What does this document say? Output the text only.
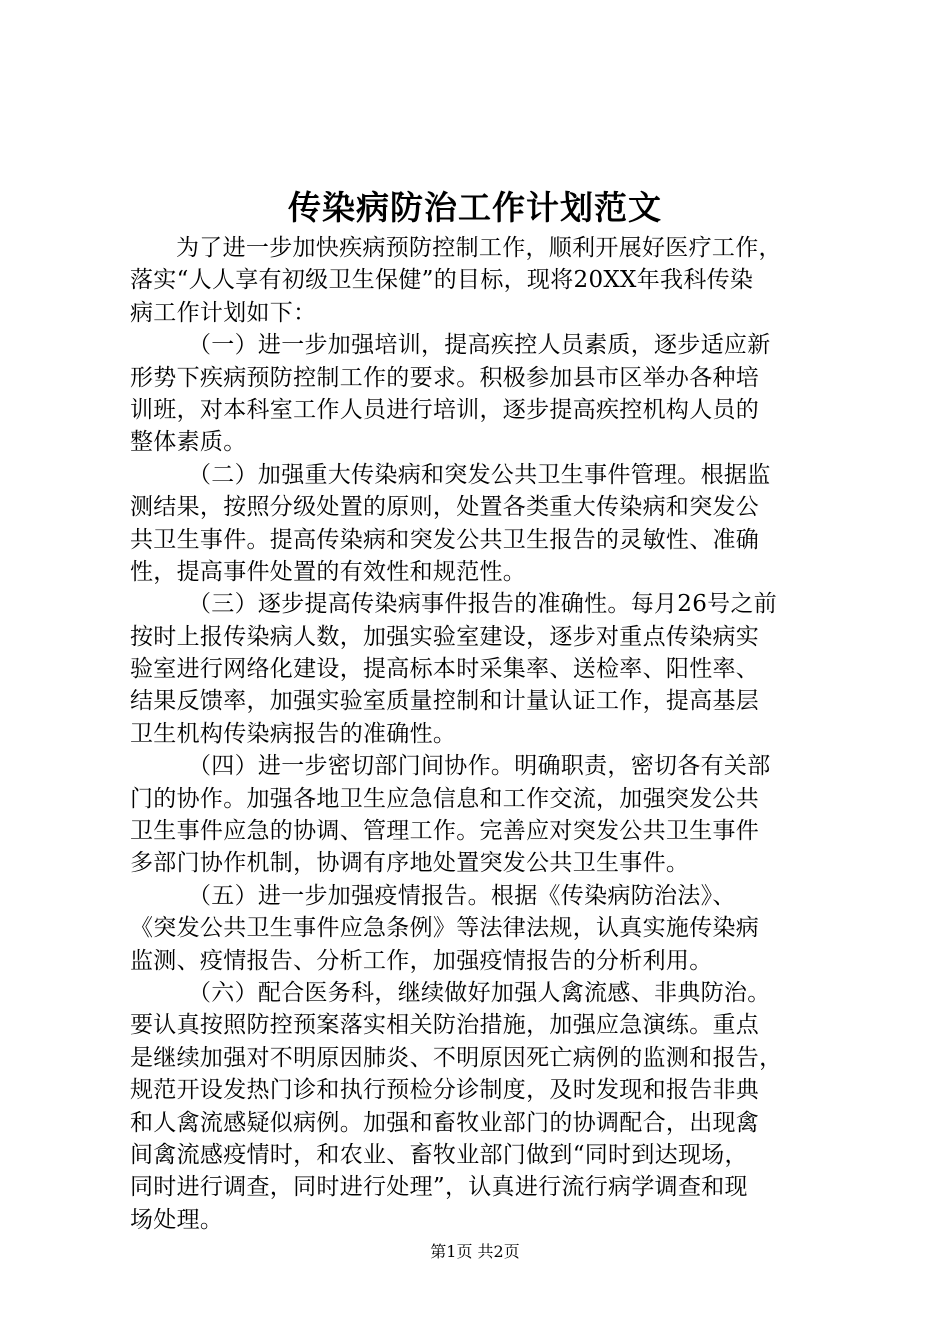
传染病防治工作计划范文
为了进一步加快疾病预防控制工作，顺利开展好医疗工作，
落实“人人享有初级卫生保健”的目标，现将20XX年我科传染
病工作计划如下：
（一）进一步加强培训，提高疾控人员素质，逐步适应新
形势下疾病预防控制工作的要求。积极参加县市区举办各种培
训班，对本科室工作人员进行培训，逐步提高疾控机构人员的
整体素质。
（二）加强重大传染病和突发公共卫生事件管理。根据监
测结果，按照分级处置的原则，处置各类重大传染病和突发公
共卫生事件。提高传染病和突发公共卫生报告的灵敏性、准确
性，提高事件处置的有效性和规范性。
（三）逐步提高传染病事件报告的准确性。每月26号之前
按时上报传染病人数，加强实验室建设，逐步对重点传染病实
验室进行网络化建设，提高标本时采集率、送检率、阳性率、
结果反馈率，加强实验室质量控制和计量认证工作，提高基层
卫生机构传染病报告的准确性。
（四）进一步密切部门间协作。明确职责，密切各有关部
门的协作。加强各地卫生应急信息和工作交流，加强突发公共
卫生事件应急的协调、管理工作。完善应对突发公共卫生事件
多部门协作机制，协调有序地处置突发公共卫生事件。
（五）进一步加强疫情报告。根据《传染病防治法》、
《突发公共卫生事件应急条例》等法律法规，认真实施传染病
监测、疫情报告、分析工作，加强疫情报告的分析利用。
（六）配合医务科，继续做好加强人禽流感、非典防治。
要认真按照防控预案落实相关防治措施，加强应急演练。重点
是继续加强对不明原因肺炎、不明原因死亡病例的监测和报告，
规范开设发热门诊和执行预检分诊制度，及时发现和报告非典
和人禽流感疑似病例。加强和畜牧业部门的协调配合，出现禽
间禽流感疫情时，和农业、畜牧业部门做到“同时到达现场，
同时进行调查，同时进行处理”，认真进行流行病学调查和现
场处理。
第1页 共2页
